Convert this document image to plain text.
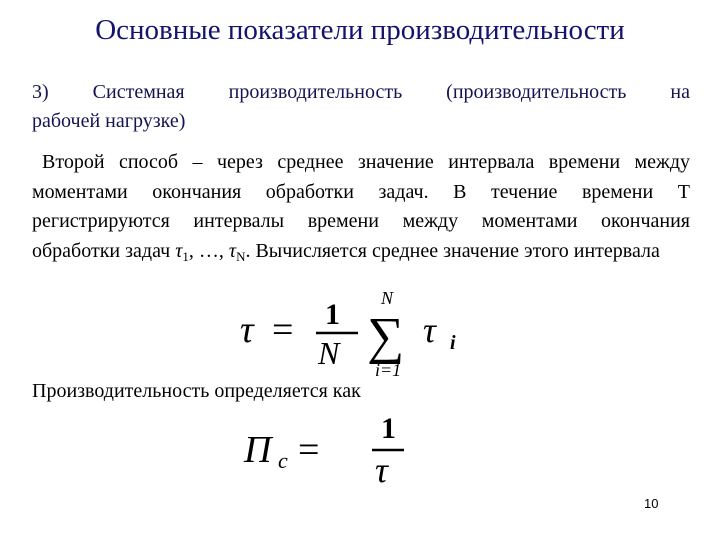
Основные показатели производительности
3) Системная производительность (производительность на
рабочей нагрузке)
Второй способ – через среднее значение интервала времени между моментами окончания обработки задач. В течение времени T регистрируются интервалы времени между моментами окончания обработки задач $\tau_1$, …, $\tau_N$. Вычисляется среднее значение этого интервала
τ = 1
N
N
∑
i=1
τ i
Производительность определяется как
П c =
1
τ
10
